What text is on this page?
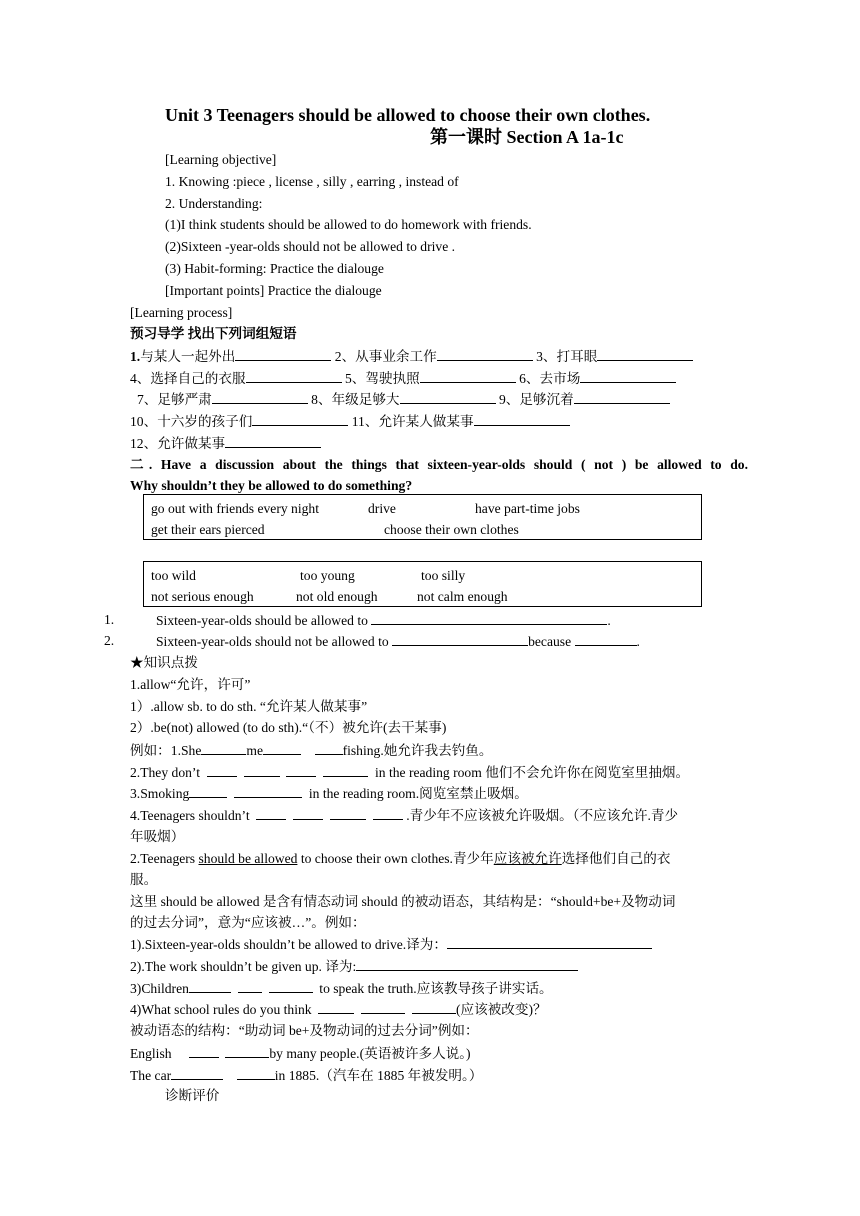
Unit 3 Teenagers should be allowed to choose their own clothes.
第一课时 Section A 1a-1c
[Learning objective]
1. Knowing :piece , license , silly , earring , instead of
2. Understanding:
(1)I think students should be allowed to do homework with friends.
(2)Sixteen -year-olds should not be allowed to drive .
(3) Habit-forming: Practice the dialouge
[Important points] Practice the dialouge
[Learning process]
预习导学 找出下列词组短语
1.与某人一起外出	2、从事业余工作	3、打耳眼
4、选择自己的衣服	5、驾驶执照	6、去市场
7、足够严肃	8、年级足够大	9、足够沉着
10、十六岁的孩子们	11、允许某人做某事
12、允许做某事
二. Have a discussion about the things that sixteen-year-olds should ( not ) be allowed to do.
Why shouldn’t they be allowed to do something?
go out with friends every night	drive	have part-time jobs
get their ears pierced	choose their own clothes
too wild	too young	too silly
not serious enough	not old enough	not calm enough
1.	Sixteen-year-olds should be allowed to	.
2.	Sixteen-year-olds should not be allowed to	because	.
★知识点拨
1.allow“允许，许可”
1）.allow sb. to do sth. “允许某人做某事”
2）.be(not) allowed (to do sth).“（不）被允许(去干某事)
例如：1.She	me	fishing.她允许我去钓鱼。
2.They don’t	in the reading room 他们不会允许你在阅览室里抽烟。
3.Smoking	in the reading room.阅览室禁止吸烟。
4.Teenagers shouldn’t	.青少年不应该被允许吸烟。（不应该允许.青少
年吸烟）
2.Teenagers should be allowed to choose their own clothes.青少年应该被允许选择他们自己的衣
服。
这里 should be allowed 是含有情态动词 should 的被动语态，其结构是：“should+be+及物动词
的过去分词”，意为“应该被…”。例如：
1).Sixteen-year-olds shouldn’t be allowed to drive.译为：
2).The work shouldn’t be given up. 译为:
3)Children	to speak the truth.应该教导孩子讲实话。
4)What school rules do you think	(应该被改变)？
被动语态的结构：“助动词 be+及物动词的过去分词”例如：
English	by many people.(英语被许多人说。)
The car	in 1885.（汽车在 1885 年被发明。）
诊断评价
